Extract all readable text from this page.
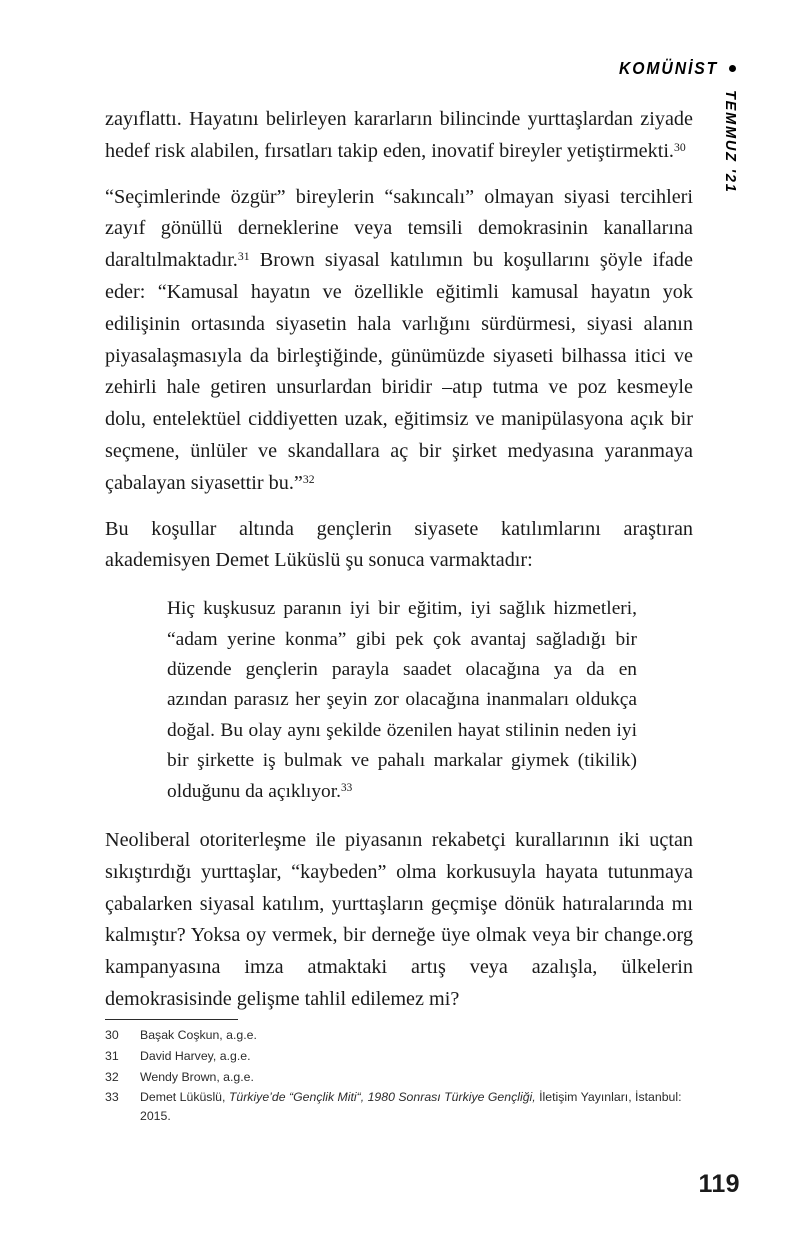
KOMÜNİST
TEMMUZ '21

zayıflattı. Hayatını belirleyen kararların bilincinde yurttaşlardan ziyade hedef risk alabilen, fırsatları takip eden, inovatif bireyler yetiştirmekti.$^{30}$

“Seçimlerinde özgür” bireylerin “sakıncalı” olmayan siyasi tercihleri zayıf gönüllü derneklerine veya temsili demokrasinin kanallarına daraltılmaktadır.$^{31}$ Brown siyasal katılımın bu koşullarını şöyle ifade eder: “Kamusal hayatın ve özellikle eğitimli kamusal hayatın yok edilişinin ortasında siyasetin hala varlığını sürdürmesi, siyasi alanın piyasalaşmasıyla da birleştiğinde, günümüzde siyaseti bilhassa itici ve zehirli hale getiren unsurlardan biridir –atıp tutma ve poz kesmeyle dolu, entelektüel ciddiyetten uzak, eğitimsiz ve manipülasyona açık bir seçmene, ünlüler ve skandallara aç bir şirket medyasına yaranmaya çabalayan siyasettir bu.”$^{32}$

Bu koşullar altında gençlerin siyasete katılımlarını araştıran akademisyen Demet Lüküslü şu sonuca varmaktadır:

Hiç kuşkusuz paranın iyi bir eğitim, iyi sağlık hizmetleri, “adam yerine konma” gibi pek çok avantaj sağladığı bir düzende gençlerin parayla saadet olacağına ya da en azından parasız her şeyin zor olacağına inanmaları oldukça doğal. Bu olay aynı şekilde özenilen hayat stilinin neden iyi bir şirkette iş bulmak ve pahalı markalar giymek (tikilik) olduğunu da açıklıyor.$^{33}$

Neoliberal otoriterleşme ile piyasanın rekabetçi kurallarının iki uçtan sıkıştırdığı yurttaşlar, “kaybeden” olma korkusuyla hayata tutunmaya çabalarken siyasal katılım, yurttaşların geçmişe dönük hatıralarında mı kalmıştır? Yoksa oy vermek, bir derneğe üye olmak veya bir change.org kampanyasına imza atmaktaki artış veya azalışla, ülkelerin demokrasisinde gelişme tahlil edilemez mi?

30	Başak Coşkun, a.g.e.
31	David Harvey, a.g.e.
32	Wendy Brown, a.g.e.
33	Demet Lüküslü, Türkiye’de “Gençlik Miti“, 1980 Sonrası Türkiye Gençliği, İletişim Yayınları, İstanbul: 2015.
119
